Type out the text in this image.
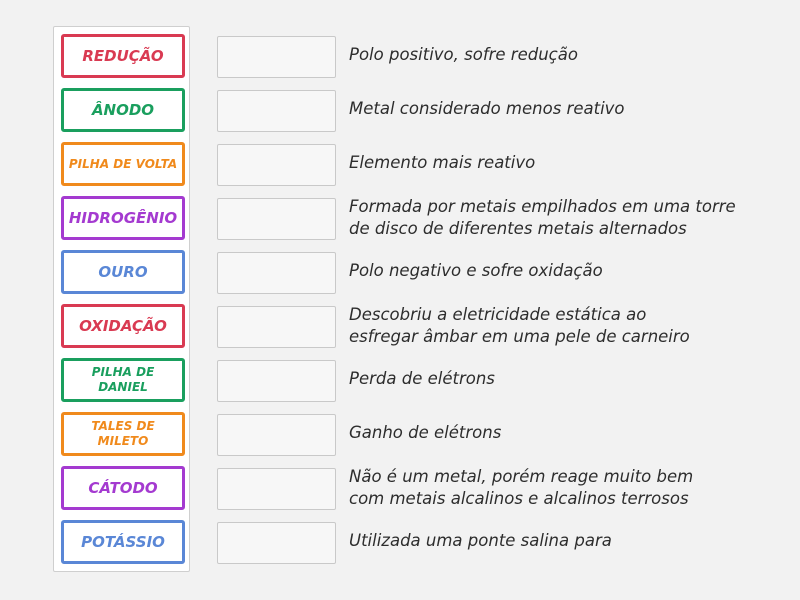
REDUÇÃO
ÂNODO
PILHA DE VOLTA
HIDROGÊNIO
OURO
OXIDAÇÃO
PILHA DE
DANIEL
TALES DE
MILETO
CÁTODO
POTÁSSIO
Polo positivo, sofre redução
Metal considerado menos reativo
Elemento mais reativo
Formada por metais empilhados em uma torre de disco de diferentes metais alternados
Polo negativo e sofre oxidação
Descobriu a eletricidade estática ao esfregar âmbar em uma pele de carneiro
Perda de elétrons
Ganho de elétrons
Não é um metal, porém reage muito bem com metais alcalinos e alcalinos terrosos
Utilizada uma ponte salina para
